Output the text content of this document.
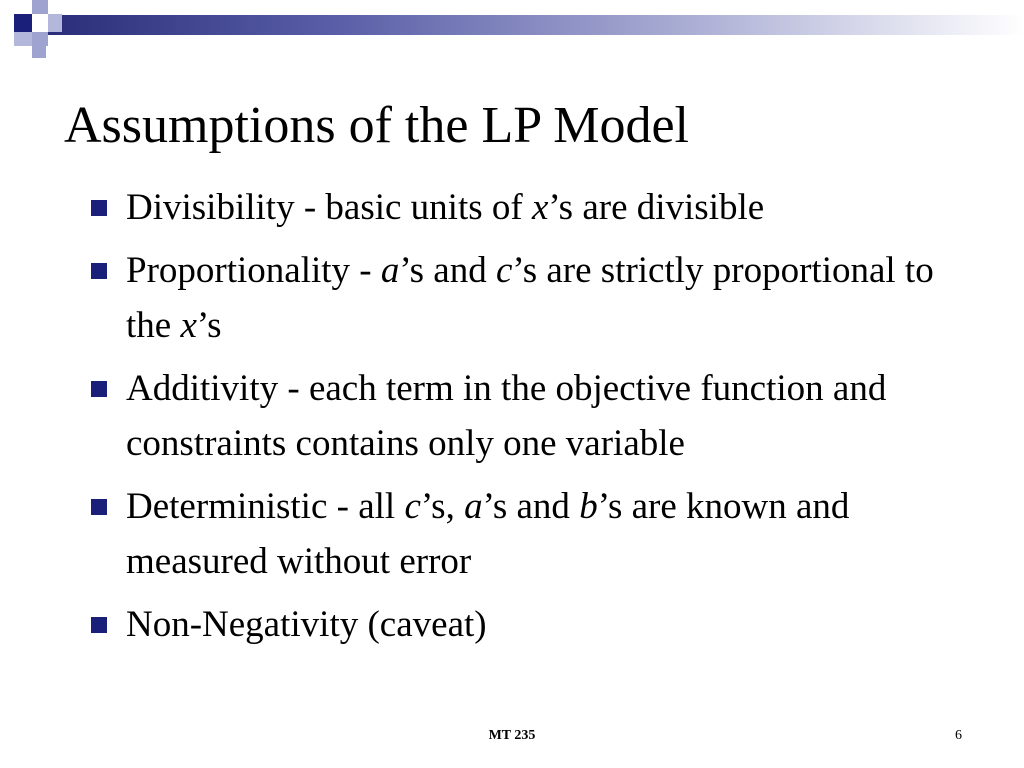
Assumptions of the LP Model
Divisibility - basic units of x’s are divisible
Proportionality - a’s and c’s are strictly proportional to the x’s
Additivity - each term in the objective function and constraints contains only one variable
Deterministic - all c’s, a’s and b’s are known and measured without error
Non-Negativity (caveat)
MT 235	6
